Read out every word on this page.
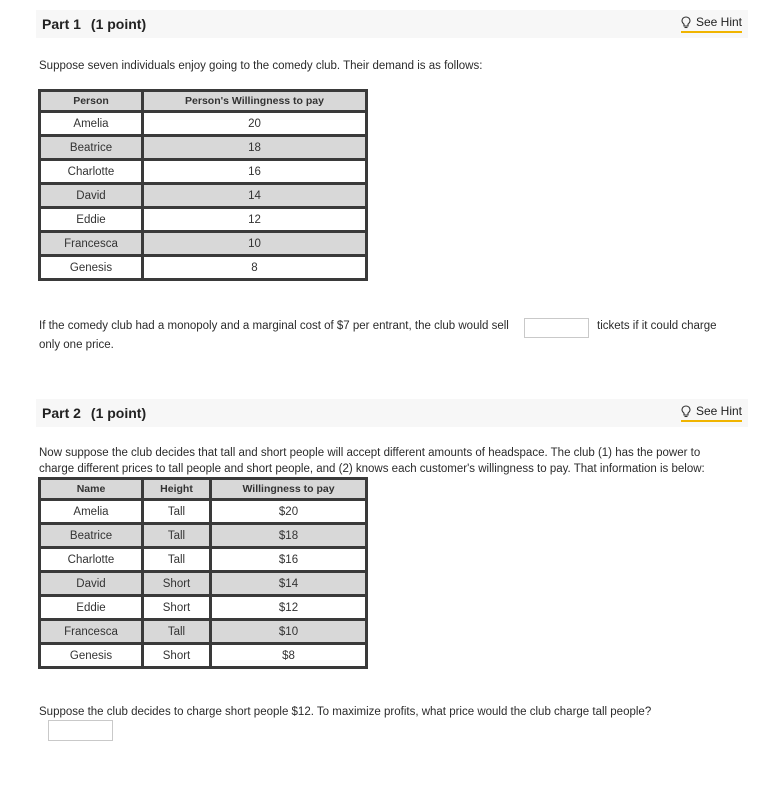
Part 1 (1 point)	See Hint
Suppose seven individuals enjoy going to the comedy club. Their demand is as follows:
Person	Person's Willingness to pay
Amelia	20
Beatrice	18
Charlotte	16
David	14
Eddie	12
Francesca	10
Genesis	8
If the comedy club had a monopoly and a marginal cost of $7 per entrant, the club would sell	tickets if it could charge
only one price.
Part 2 (1 point)	See Hint
Now suppose the club decides that tall and short people will accept different amounts of headspace. The club (1) has the power to
charge different prices to tall people and short people, and (2) knows each customer's willingness to pay. That information is below:
Name	Height	Willingness to pay
Amelia	Tall	$20
Beatrice	Tall	$18
Charlotte	Tall	$16
David	Short	$14
Eddie	Short	$12
Francesca	Tall	$10
Genesis	Short	$8
Suppose the club decides to charge short people $12. To maximize profits, what price would the club charge tall people?
